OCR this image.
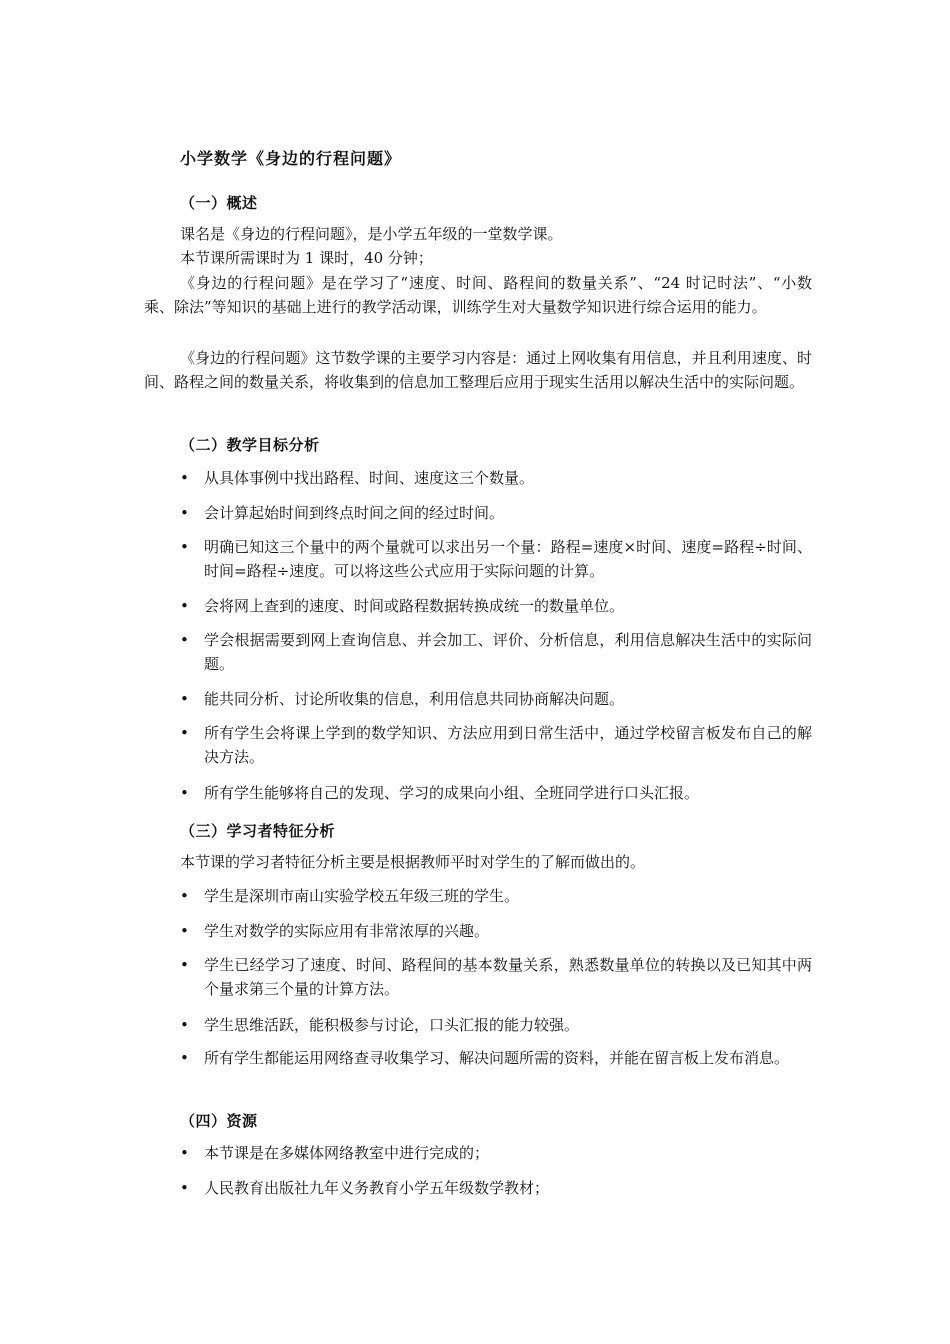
小学数学《身边的行程问题》
（一）概述
课名是《身边的行程问题》，是小学五年级的一堂数学课。
本节课所需课时为 1 课时，40 分钟；
《身边的行程问题》是在学习了“速度、时间、路程间的数量关系”、“24 时记时法”、“小数乘、除法”等知识的基础上进行的教学活动课，训练学生对大量数学知识进行综合运用的能力。
《身边的行程问题》这节数学课的主要学习内容是：通过上网收集有用信息，并且利用速度、时间、路程之间的数量关系，将收集到的信息加工整理后应用于现实生活用以解决生活中的实际问题。
（二）教学目标分析
• 从具体事例中找出路程、时间、速度这三个数量。
• 会计算起始时间到终点时间之间的经过时间。
• 明确已知这三个量中的两个量就可以求出另一个量：路程=速度×时间、速度=路程÷时间、时间=路程÷速度。可以将这些公式应用于实际问题的计算。
• 会将网上查到的速度、时间或路程数据转换成统一的数量单位。
• 学会根据需要到网上查询信息、并会加工、评价、分析信息，利用信息解决生活中的实际问题。
• 能共同分析、讨论所收集的信息，利用信息共同协商解决问题。
• 所有学生会将课上学到的数学知识、方法应用到日常生活中，通过学校留言板发布自己的解决方法。
• 所有学生能够将自己的发现、学习的成果向小组、全班同学进行口头汇报。
（三）学习者特征分析
本节课的学习者特征分析主要是根据教师平时对学生的了解而做出的。
• 学生是深圳市南山实验学校五年级三班的学生。
• 学生对数学的实际应用有非常浓厚的兴趣。
• 学生已经学习了速度、时间、路程间的基本数量关系，熟悉数量单位的转换以及已知其中两个量求第三个量的计算方法。
• 学生思维活跃，能积极参与讨论，口头汇报的能力较强。
• 所有学生都能运用网络查寻收集学习、解决问题所需的资料，并能在留言板上发布消息。
（四）资源
• 本节课是在多媒体网络教室中进行完成的；
• 人民教育出版社九年义务教育小学五年级数学教材；
